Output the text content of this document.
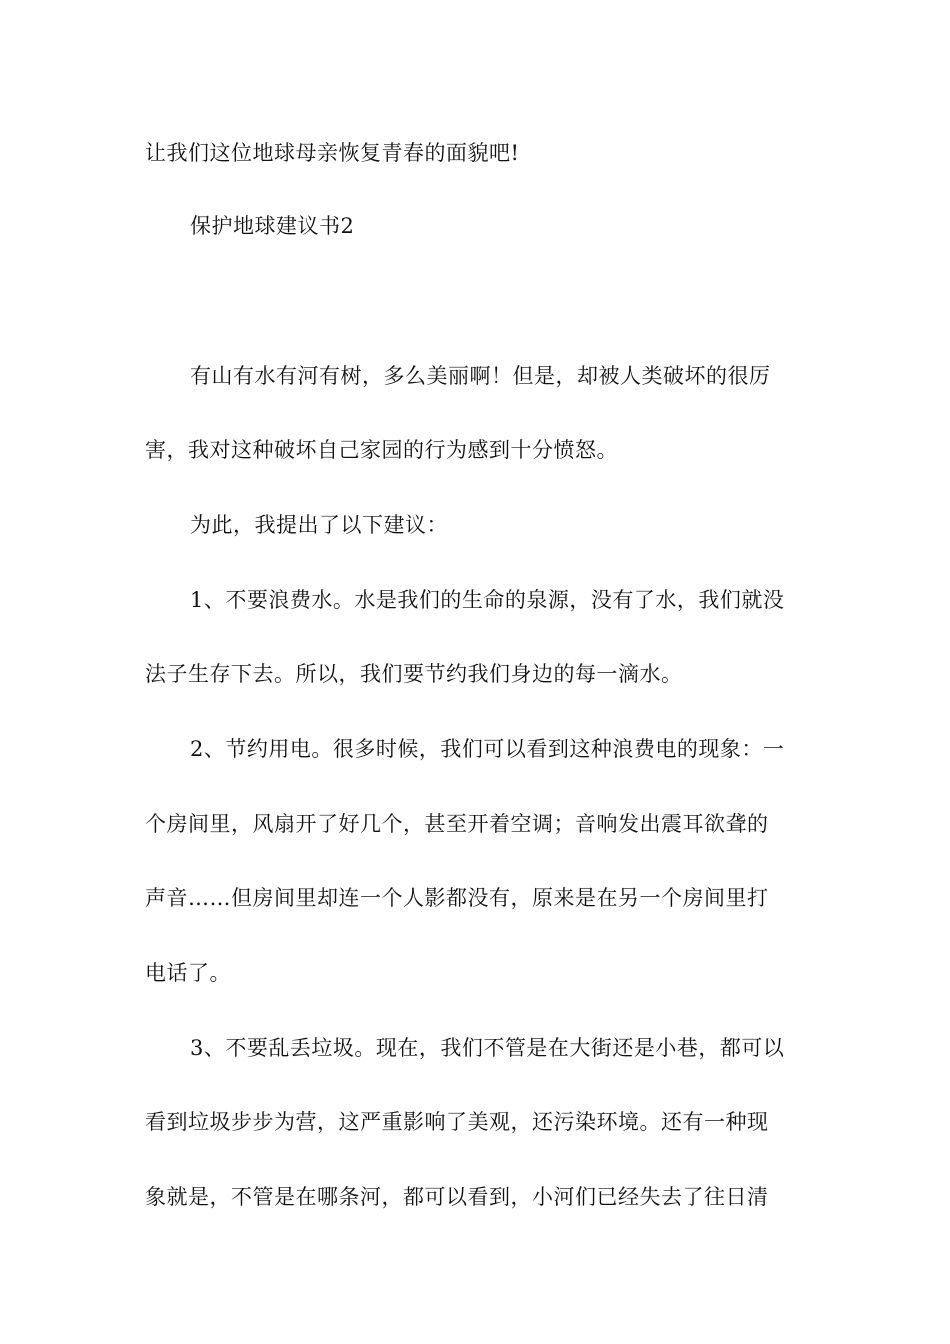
让我们这位地球母亲恢复青春的面貌吧!
保护地球建议书2
有山有水有河有树，多么美丽啊！但是，却被人类破坏的很厉
害，我对这种破坏自己家园的行为感到十分愤怒。
为此，我提出了以下建议：
1、不要浪费水。水是我们的生命的泉源，没有了水，我们就没
法子生存下去。所以，我们要节约我们身边的每一滴水。
2、节约用电。很多时候，我们可以看到这种浪费电的现象：一
个房间里，风扇开了好几个，甚至开着空调；音响发出震耳欲聋的
声音……但房间里却连一个人影都没有，原来是在另一个房间里打
电话了。
3、不要乱丢垃圾。现在，我们不管是在大街还是小巷，都可以
看到垃圾步步为营，这严重影响了美观，还污染环境。还有一种现
象就是，不管是在哪条河，都可以看到，小河们已经失去了往日清
